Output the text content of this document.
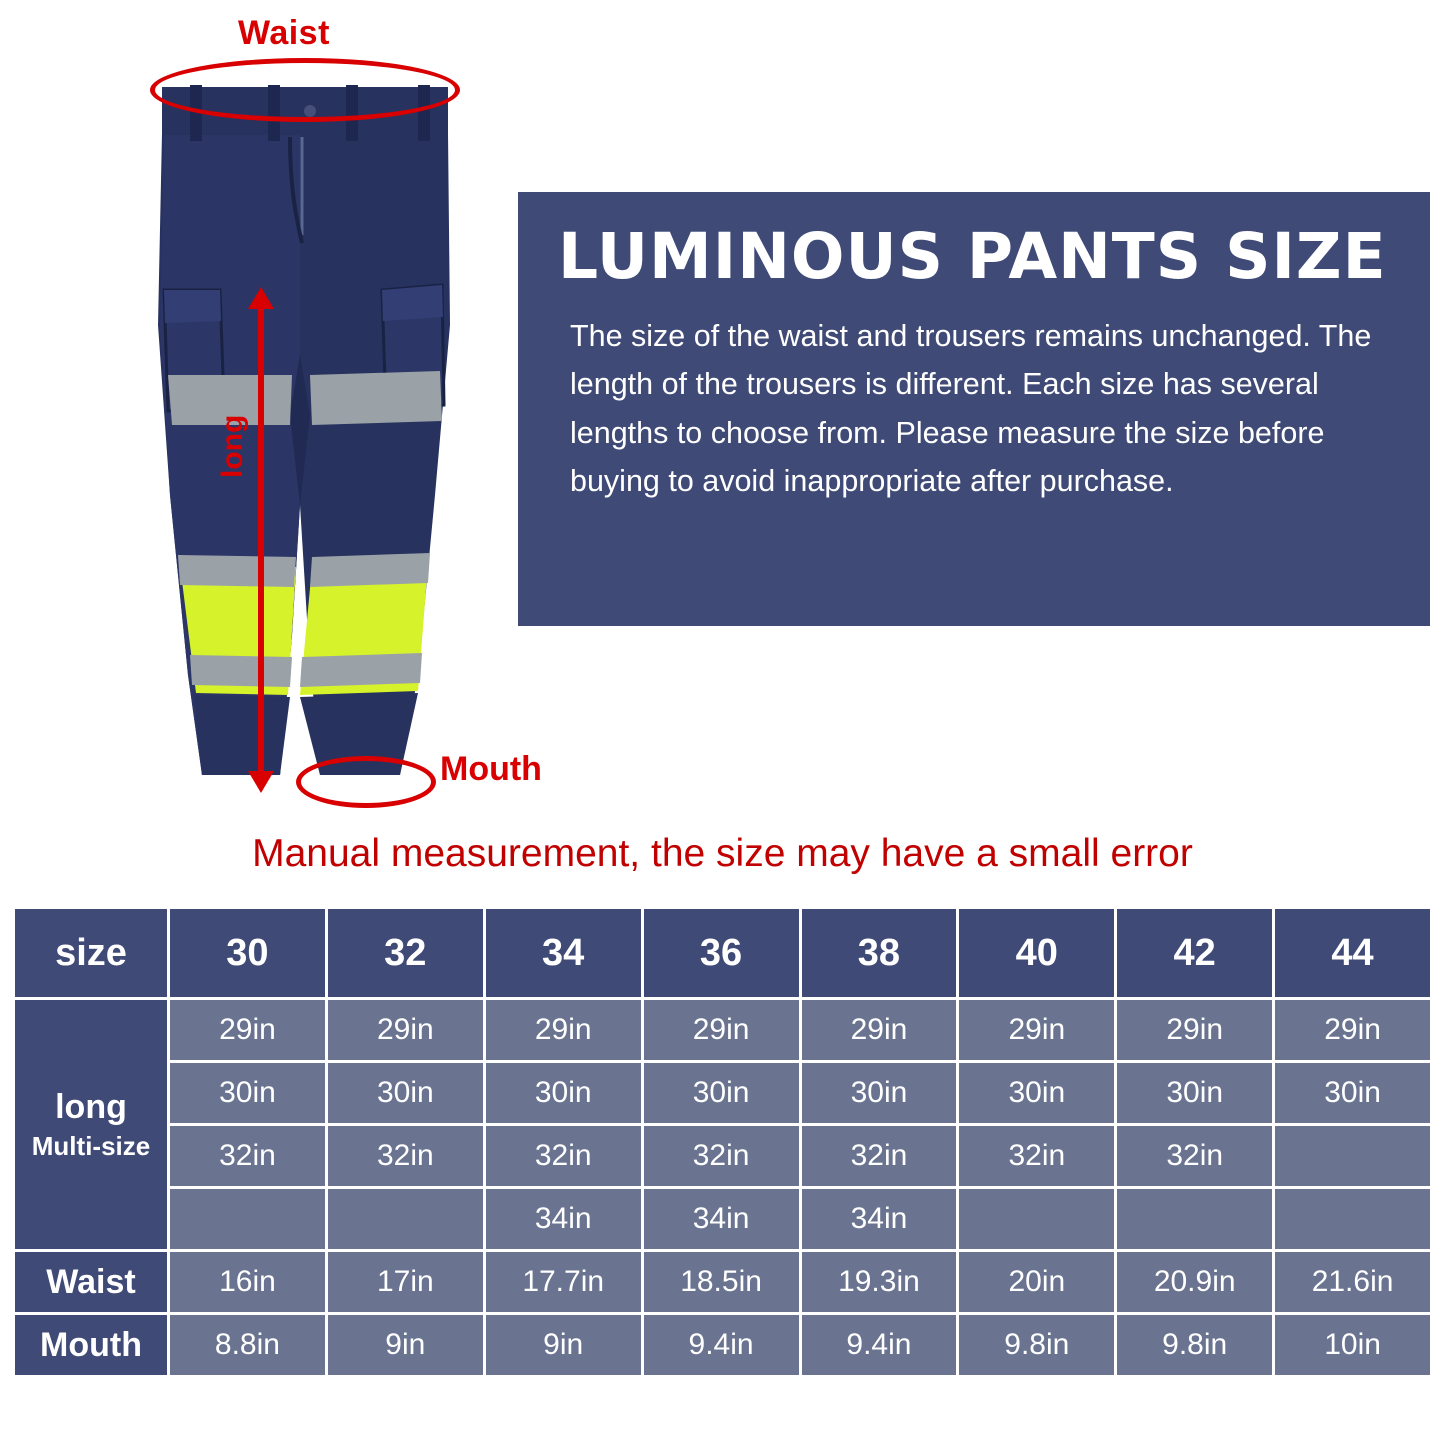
Waist
long
Mouth
LUMINOUS PANTS SIZE
The size of the waist and trousers remains unchanged. The length of the trousers is different. Each size has several lengths to choose from. Please measure the size before buying to avoid inappropriate after purchase.
Manual measurement, the size may have a small error
size	30	32	34	36	38	40	42	44
long
Multi-size	29in	29in	29in	29in	29in	29in	29in	29in
	30in	30in	30in	30in	30in	30in	30in	30in
	32in	32in	32in	32in	32in	32in	32in	
			34in	34in	34in			
Waist	16in	17in	17.7in	18.5in	19.3in	20in	20.9in	21.6in
Mouth	8.8in	9in	9in	9.4in	9.4in	9.8in	9.8in	10in
